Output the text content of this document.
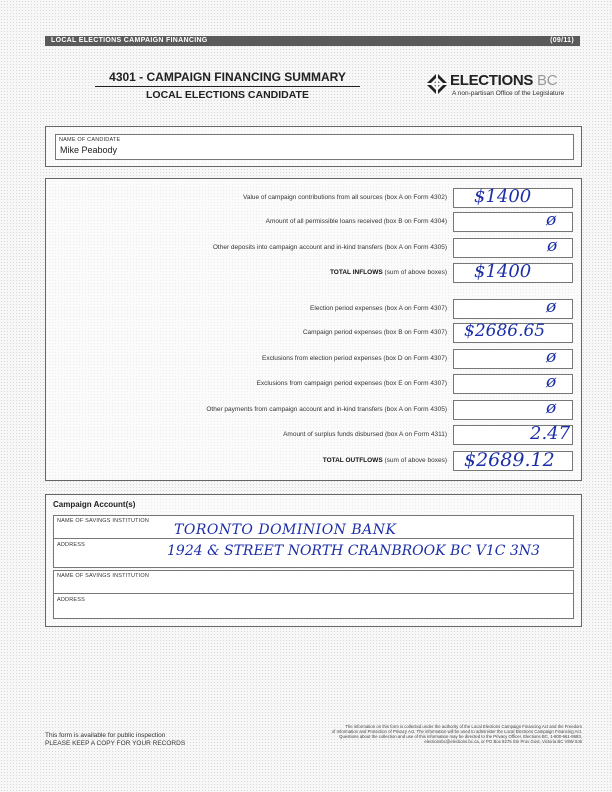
LOCAL ELECTIONS CAMPAIGN FINANCING	(09/11)
4301 - CAMPAIGN FINANCING SUMMARY
LOCAL ELECTIONS CANDIDATE
ELECTIONS BC
A non-partisan Office of the Legislature
NAME OF CANDIDATE
Mike Peabody
Value of campaign contributions from all sources (box A on Form 4302) $1400
Amount of all permissible loans received (box B on Form 4304)	ø
Other deposits into campaign account and in-kind transfers (box A on Form 4305)	ø
TOTAL INFLOWS (sum of above boxes) $1400
Election period expenses (box A on Form 4307)	ø
Campaign period expenses (box B on Form 4307) $2686.65
Exclusions from election period expenses (box D on Form 4307)	ø
Exclusions from campaign period expenses (box E on Form 4307)	ø
Other payments from campaign account and in-kind transfers (box A on Form 4305)	ø
Amount of surplus funds disbursed (box A on Form 4311)	2.47
TOTAL OUTFLOWS (sum of above boxes) $2689.12
Campaign Account(s)
NAME OF SAVINGS INSTITUTION
TORONTO DOMINION BANK
ADDRESS	1924 & STREET NORTH CRANBROOK BC V1C 3N3
NAME OF SAVINGS INSTITUTION
ADDRESS
This form is available for public inspection
PLEASE KEEP A COPY FOR YOUR RECORDS
The information on this form is collected under the authority of the Local Elections Campaign Financing Act and the Freedom
of Information and Protection of Privacy Act. The information will be used to administer the Local Elections Campaign Financing Act.
Questions about the collection and use of this information may be directed to the Privacy Officer, Elections BC, 1-800-661-8683,
electionsbc@elections.bc.ca, or PO Box 9275 Stn Prov Govt, Victoria BC V8W 9J6
